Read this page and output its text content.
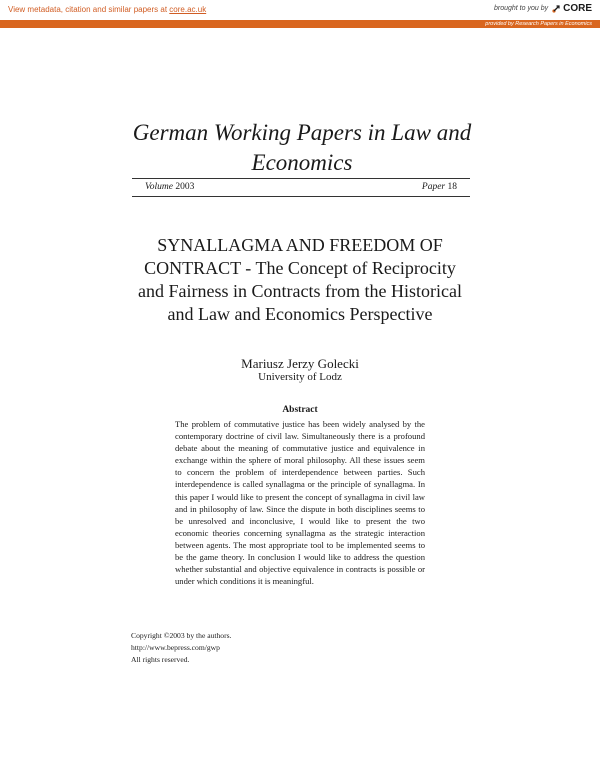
View metadata, citation and similar papers at core.ac.uk	brought to you by CORE
provided by Research Papers in Economics
German Working Papers in Law and Economics
Volume 2003	Paper 18
SYNALLAGMA AND FREEDOM OF CONTRACT - The Concept of Reciprocity and Fairness in Contracts from the Historical and Law and Economics Perspective
Mariusz Jerzy Golecki
University of Lodz
Abstract
The problem of commutative justice has been widely analysed by the contemporary doctrine of civil law. Simultaneously there is a profound debate about the meaning of commutative justice and equivalence in exchange within the sphere of moral philosophy. All these issues seem to concern the problem of interdependence between parties. Such interdependence is called synallagma or the principle of synallagma. In this paper I would like to present the concept of synallagma in civil law and in philosophy of law. Since the dispute in both disciplines seems to be unresolved and inconclusive, I would like to present the two economic theories concerning synallagma as the strategic interaction between agents. The most appropriate tool to be implemented seems to be the game theory. In conclusion I would like to address the question whether substantial and objective equivalence in contracts is possible or under which conditions it is meaningful.
Copyright ©2003 by the authors.
http://www.bepress.com/gwp
All rights reserved.
